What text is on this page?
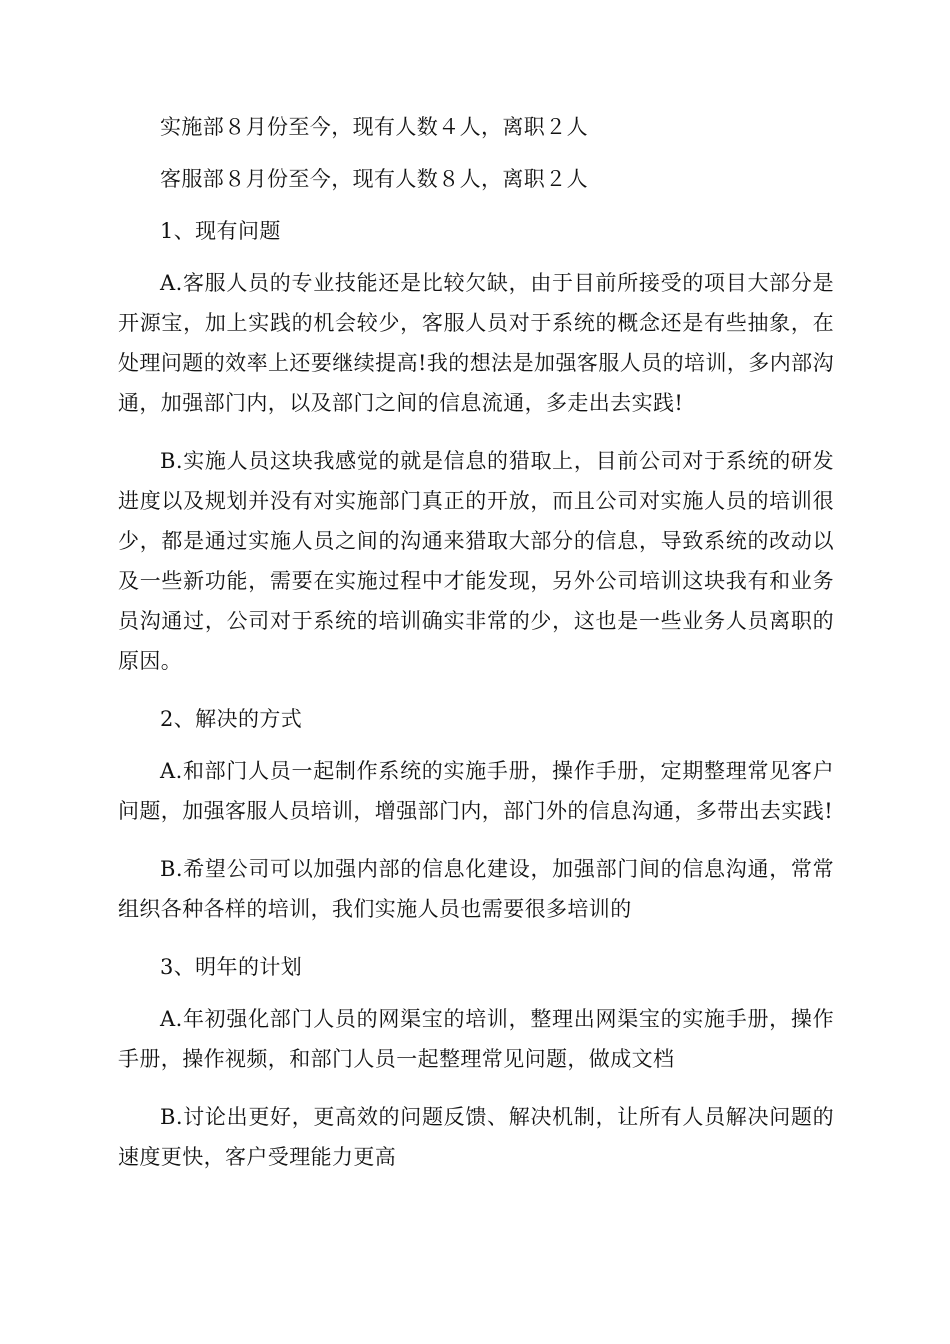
实施部８月份至今，现有人数４人，离职２人

客服部８月份至今，现有人数８人，离职２人

1、现有问题

A.客服人员的专业技能还是比较欠缺，由于目前所接受的项目大部分是开源宝，加上实践的机会较少，客服人员对于系统的概念还是有些抽象，在处理问题的效率上还要继续提高!我的想法是加强客服人员的培训，多内部沟通，加强部门内，以及部门之间的信息流通，多走出去实践!

B.实施人员这块我感觉的就是信息的猎取上，目前公司对于系统的研发进度以及规划并没有对实施部门真正的开放，而且公司对实施人员的培训很少，都是通过实施人员之间的沟通来猎取大部分的信息，导致系统的改动以及一些新功能，需要在实施过程中才能发现，另外公司培训这块我有和业务员沟通过，公司对于系统的培训确实非常的少，这也是一些业务人员离职的原因。

2、解决的方式

A.和部门人员一起制作系统的实施手册，操作手册，定期整理常见客户问题，加强客服人员培训，增强部门内，部门外的信息沟通，多带出去实践!

B.希望公司可以加强内部的信息化建设，加强部门间的信息沟通，常常组织各种各样的培训，我们实施人员也需要很多培训的

3、明年的计划

A.年初强化部门人员的网渠宝的培训，整理出网渠宝的实施手册，操作手册，操作视频，和部门人员一起整理常见问题，做成文档

B.讨论出更好，更高效的问题反馈、解决机制，让所有人员解决问题的速度更快，客户受理能力更高
